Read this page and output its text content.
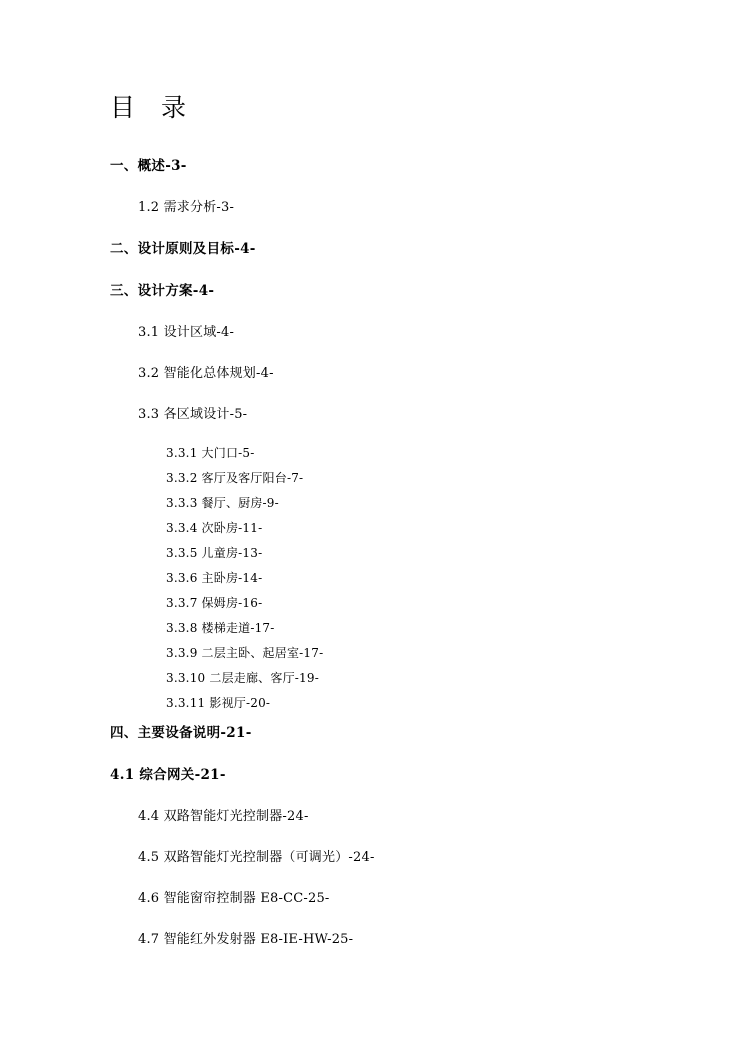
目 录
一、概述-3-
1.2 需求分析-3-
二、设计原则及目标-4-
三、设计方案-4-
3.1 设计区域-4-
3.2 智能化总体规划-4-
3.3 各区域设计-5-
3.3.1 大门口-5-
3.3.2 客厅及客厅阳台-7-
3.3.3 餐厅、厨房-9-
3.3.4 次卧房-11-
3.3.5 儿童房-13-
3.3.6 主卧房-14-
3.3.7 保姆房-16-
3.3.8 楼梯走道-17-
3.3.9 二层主卧、起居室-17-
3.3.10 二层走廊、客厅-19-
3.3.11 影视厅-20-
四、主要设备说明-21-
4.1 综合网关-21-
4.4 双路智能灯光控制器-24-
4.5 双路智能灯光控制器（可调光）-24-
4.6 智能窗帘控制器 E8-CC-25-
4.7 智能红外发射器 E8-IE-HW-25-
